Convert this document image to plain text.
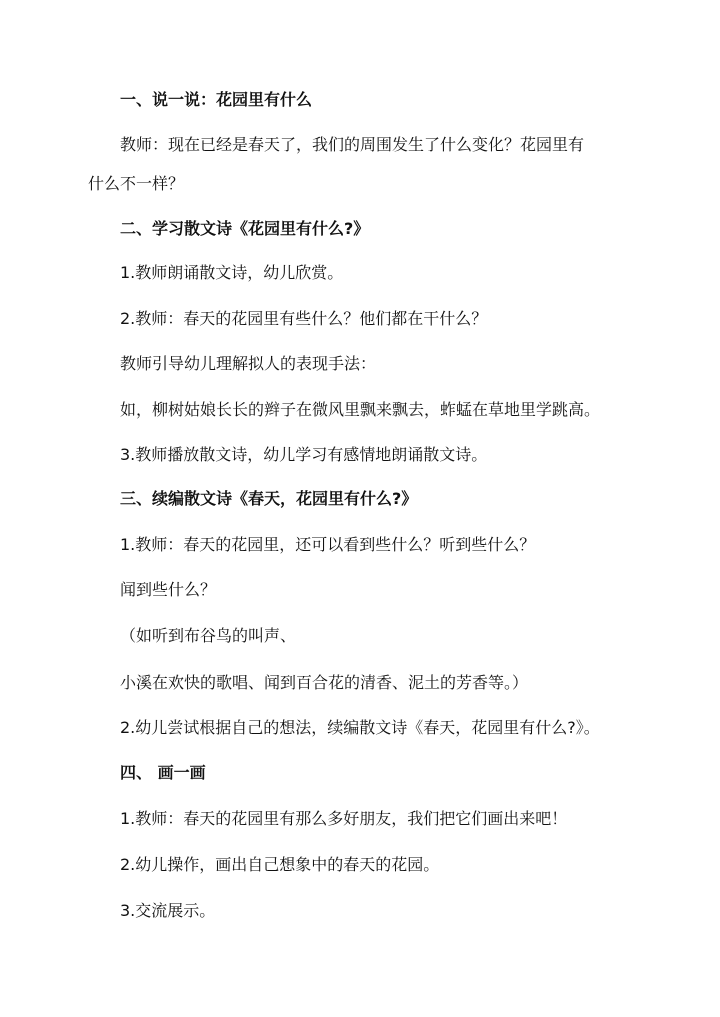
一、说一说：花园里有什么
教师：现在已经是春天了，我们的周围发生了什么变化？花园里有
什么不一样？
二、学习散文诗《花园里有什么?》
1.教师朗诵散文诗，幼儿欣赏。
2.教师：春天的花园里有些什么？他们都在干什么？
教师引导幼儿理解拟人的表现手法：
如，柳树姑娘长长的辫子在微风里飘来飘去，蚱蜢在草地里学跳高。
3.教师播放散文诗，幼儿学习有感情地朗诵散文诗。
三、续编散文诗《春天，花园里有什么?》
1.教师：春天的花园里，还可以看到些什么？听到些什么？
闻到些什么？
（如听到布谷鸟的叫声、
小溪在欢快的歌唱、闻到百合花的清香、泥土的芳香等。）
2.幼儿尝试根据自己的想法，续编散文诗《春天，花园里有什么?》。
四、 画一画
1.教师：春天的花园里有那么多好朋友，我们把它们画出来吧！
2.幼儿操作，画出自己想象中的春天的花园。
3.交流展示。
